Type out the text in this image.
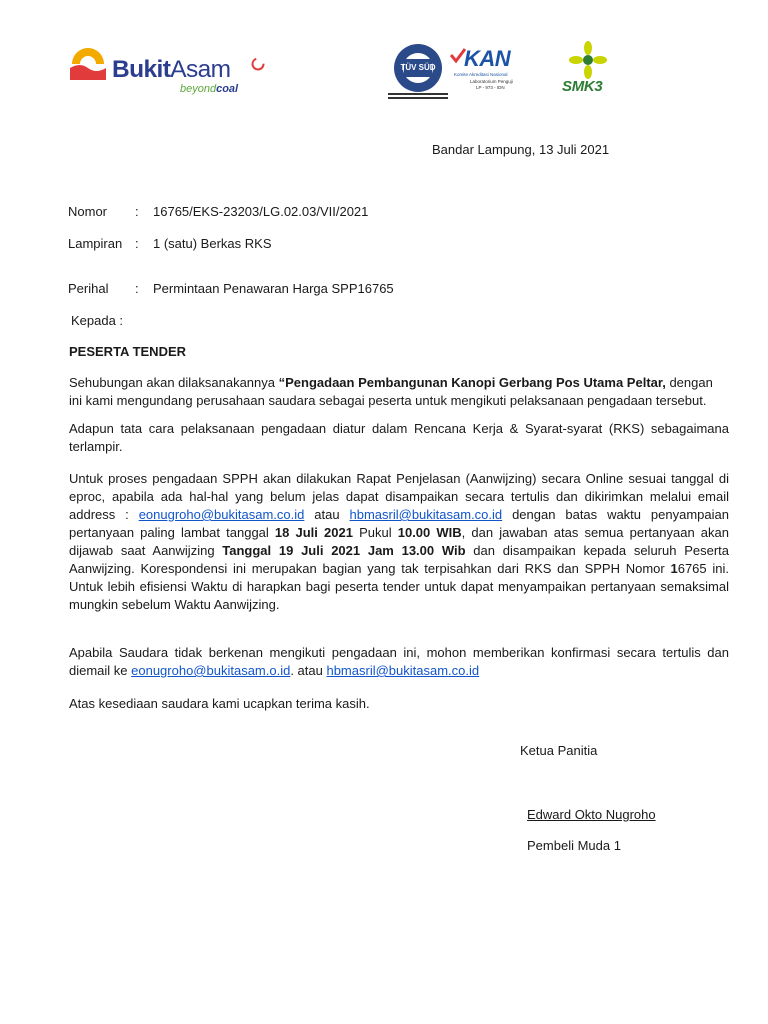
BukitAsam
beyondcoal
TÜV SÜD KAN
Komite Akreditasi Nasional
Laboratorium Penguji
LP - 973 - IDN	SMK3
Bandar Lampung, 13 Juli 2021
Nomor : 16765/EKS-23203/LG.02.03/VII/2021
Lampiran : 1 (satu) Berkas RKS
Perihal : Permintaan Penawaran Harga SPP16765
Kepada :
PESERTA TENDER
Sehubungan akan dilaksanakannya “Pengadaan Pembangunan Kanopi Gerbang Pos Utama Peltar, dengan
ini kami mengundang perusahaan saudara sebagai peserta untuk mengikuti pelaksanaan pengadaan tersebut.
Adapun tata cara pelaksanaan pengadaan diatur dalam Rencana Kerja & Syarat-syarat (RKS) sebagaimana terlampir.
Untuk proses pengadaan SPPH akan dilakukan Rapat Penjelasan (Aanwijzing) secara Online sesuai tanggal di eproc, apabila ada hal-hal yang belum jelas dapat disampaikan secara tertulis dan dikirimkan melalui email address : eonugroho@bukitasam.co.id atau hbmasril@bukitasam.co.id dengan batas waktu penyampaian pertanyaan paling lambat tanggal 18 Juli 2021 Pukul 10.00 WIB, dan jawaban atas semua pertanyaan akan dijawab saat Aanwijzing Tanggal 19 Juli 2021 Jam 13.00 Wib dan disampaikan kepada seluruh Peserta Aanwijzing. Korespondensi ini merupakan bagian yang tak terpisahkan dari RKS dan SPPH Nomor 16765 ini. Untuk lebih efisiensi Waktu di harapkan bagi peserta tender untuk dapat menyampaikan pertanyaan semaksimal mungkin sebelum Waktu Aanwijzing.
Apabila Saudara tidak berkenan mengikuti pengadaan ini, mohon memberikan konfirmasi secara tertulis dan diemail ke eonugroho@bukitasam.o.id. atau hbmasril@bukitasam.co.id
Atas kesediaan saudara kami ucapkan terima kasih.
Ketua Panitia
Edward Okto Nugroho
Pembeli Muda 1
